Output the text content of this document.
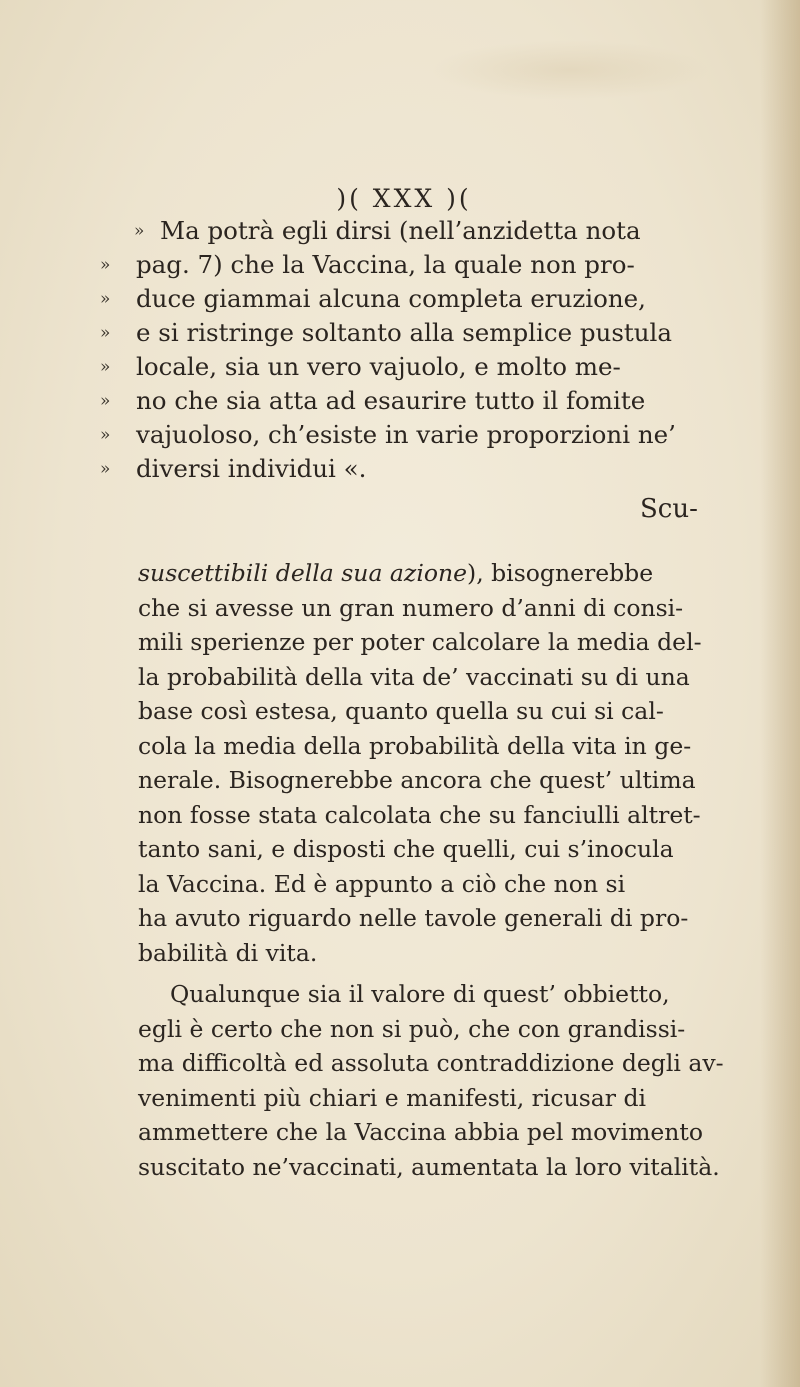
)( XXX )(
» Ma potrà egli dirsi (nell’anzidetta nota
» pag. 7) che la Vaccina, la quale non pro-
» duce giammai alcuna completa eruzione,
» e si ristringe soltanto alla semplice pustula
» locale, sia un vero vajuolo, e molto me-
» no che sia atta ad esaurire tutto il fomite
» vajuoloso, ch’esiste in varie proporzioni ne’
» diversi individui «.
Scu-
suscettibili della sua azione), bisognerebbe
che si avesse un gran numero d’anni di consi-
mili sperienze per poter calcolare la media del-
la probabilità della vita de’ vaccinati su di una
base così estesa, quanto quella su cui si cal-
cola la media della probabilità della vita in ge-
nerale. Bisognerebbe ancora che quest’ ultima
non fosse stata calcolata che su fanciulli altret-
tanto sani, e disposti che quelli, cui s’inocula
la Vaccina. Ed è appunto a ciò che non si
ha avuto riguardo nelle tavole generali di pro-
babilità di vita.
Qualunque sia il valore di quest’ obbietto,
egli è certo che non si può, che con grandissi-
ma difficoltà ed assoluta contraddizione degli av-
venimenti più chiari e manifesti, ricusar di
ammettere che la Vaccina abbia pel movimento
suscitato ne’vaccinati, aumentata la loro vitalità.
